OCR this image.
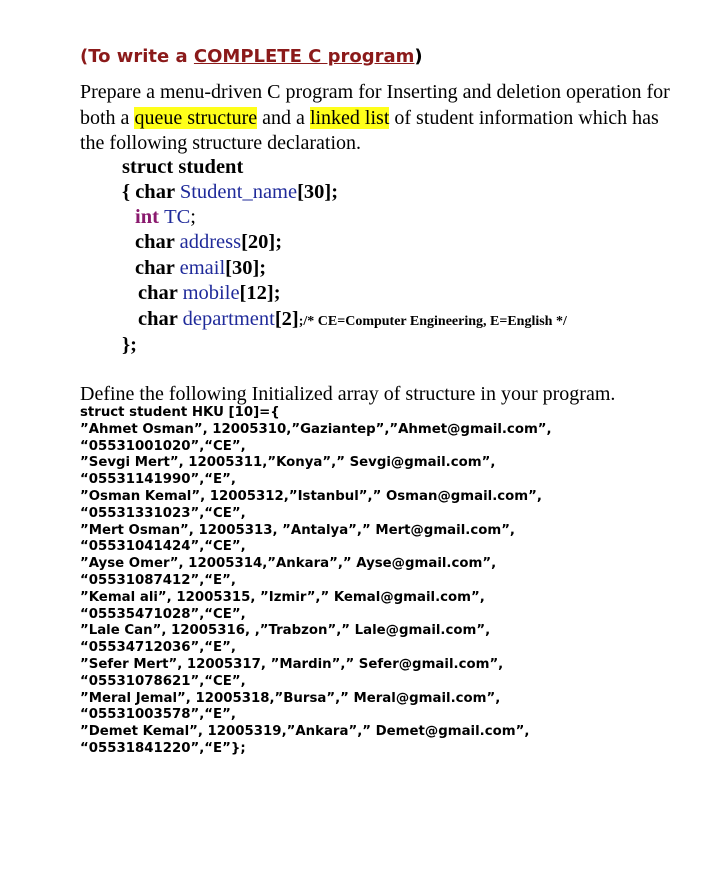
(To write a COMPLETE C program)
Prepare a menu-driven C program for Inserting and deletion operation for both a queue structure and a linked list of student information which has the following structure declaration.
struct student
{ char Student_name[30];
int TC;
char address[20];
char email[30];
char mobile[12];
char department[2];/* CE=Computer Engineering, E=English */
};
Define the following Initialized array of structure in your program.
struct student HKU [10]={
”Ahmet Osman”, 12005310,”Gaziantep”,”Ahmet@gmail.com”,
“05531001020”,“CE”,
”Sevgi Mert”, 12005311,”Konya”,” Sevgi@gmail.com”,
“05531141990”,“E”,
”Osman Kemal”, 12005312,”Istanbul”,” Osman@gmail.com”,
“05531331023”,“CE”,
”Mert Osman”, 12005313, ”Antalya”,” Mert@gmail.com”,
“05531041424”,“CE”,
”Ayse Omer”, 12005314,”Ankara”,” Ayse@gmail.com”,
“05531087412”,“E”,
”Kemal ali”, 12005315, ”Izmir”,” Kemal@gmail.com”,
“05535471028”,“CE”,
”Lale Can”, 12005316, ,”Trabzon”,” Lale@gmail.com”,
“05534712036”,“E”,
”Sefer Mert”, 12005317, ”Mardin”,” Sefer@gmail.com”,
“05531078621”,“CE”,
”Meral Jemal”, 12005318,”Bursa”,” Meral@gmail.com”,
“05531003578”,“E”,
”Demet Kemal”, 12005319,”Ankara”,” Demet@gmail.com”,
“05531841220”,“E”};
